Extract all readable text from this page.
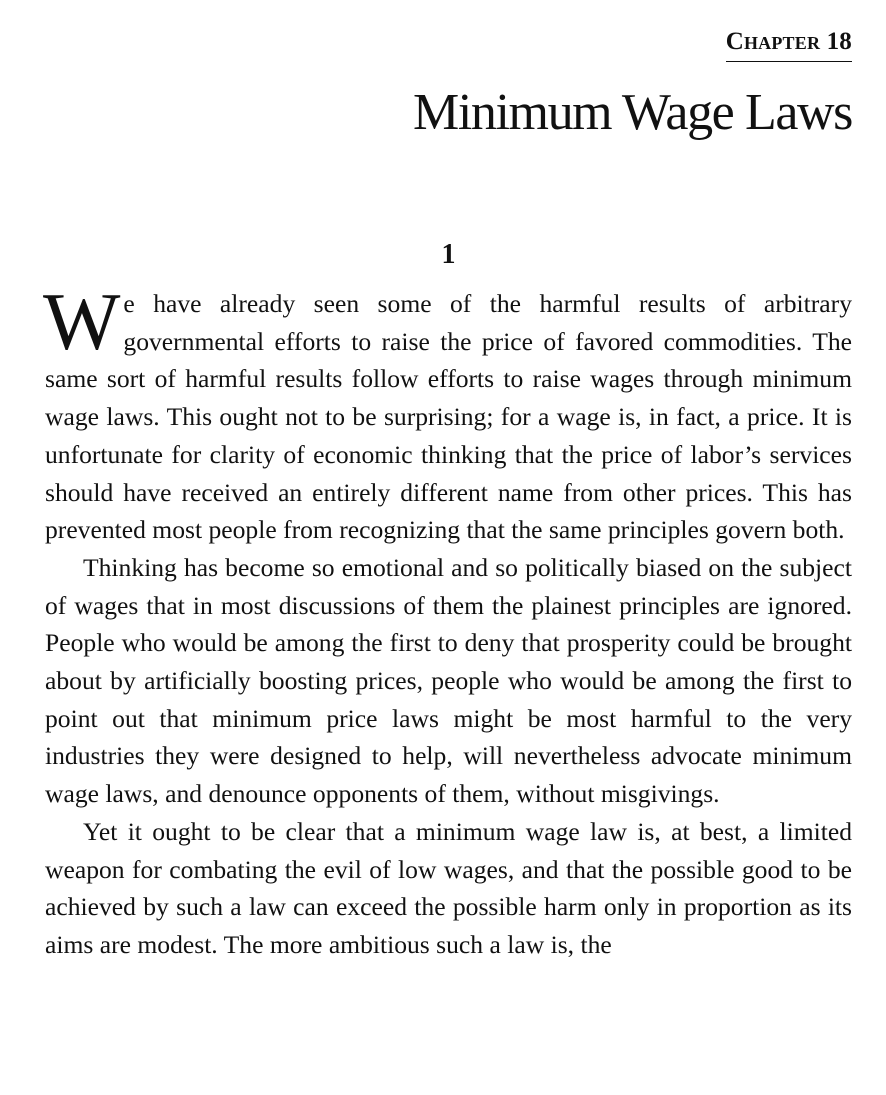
Chapter 18
Minimum Wage Laws
1

We have already seen some of the harmful results of arbitrary governmental efforts to raise the price of favored commodities. The same sort of harmful results follow efforts to raise wages through minimum wage laws. This ought not to be surprising; for a wage is, in fact, a price. It is unfortunate for clarity of economic thinking that the price of labor’s services should have received an entirely different name from other prices. This has prevented most people from recognizing that the same principles govern both.

Thinking has become so emotional and so politically biased on the subject of wages that in most discussions of them the plainest principles are ignored. People who would be among the first to deny that prosperity could be brought about by artificially boosting prices, people who would be among the first to point out that minimum price laws might be most harmful to the very industries they were designed to help, will nevertheless advocate minimum wage laws, and denounce opponents of them, without misgivings.

Yet it ought to be clear that a minimum wage law is, at best, a limited weapon for combating the evil of low wages, and that the possible good to be achieved by such a law can exceed the possible harm only in proportion as its aims are modest. The more ambitious such a law is, the
